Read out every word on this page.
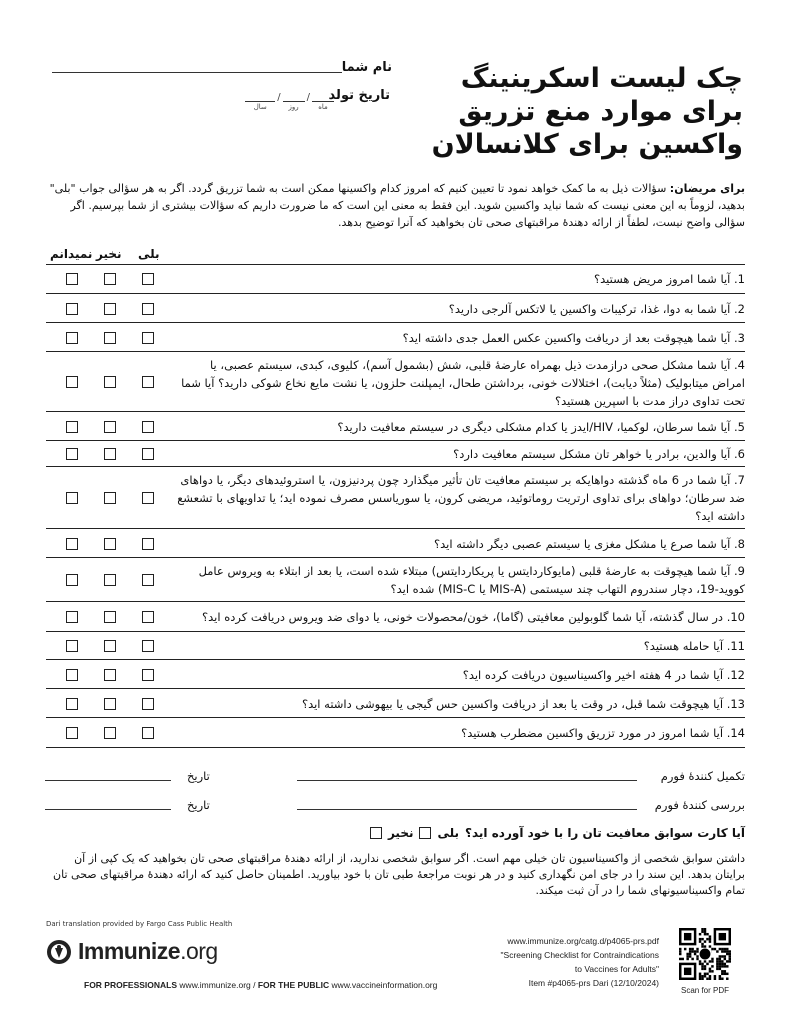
چک لیست اسکرینینگ
برای موارد منع تزریق
واکسین برای کلانسالان
نام شما
تاریخ تولد
ماه
/
روز
/
سال
برای مریضان: سؤالات ذیل به ما کمک خواهد نمود تا تعیین کنیم که امروز کدام واکسینها ممکن است به شما تزریق گردد. اگر به هر سؤالی جواب "بلی" بدهید، لزوماً به این معنی نیست که شما نباید واکسین شوید. این فقط به معنی این است که ما ضرورت داریم که سؤالات بیشتری از شما بپرسیم. اگر سؤالی واضح نیست، لطفاً از ارائه دهندۀ مراقبتهای صحی تان بخواهید که آنرا توضیح بدهد.
بلی
نخیر
نمیدانم
1. آیا شما امروز مریض هستید؟
2. آیا شما به دوا، غذا، ترکیبات واکسین یا لاتکس آلرجی دارید؟
3. آیا شما هیچوقت بعد از دریافت واکسین عکس العمل جدی داشته اید؟
4. آیا شما مشکل صحی درازمدت ذیل بهمراه عارضۀ قلبی، شش (بشمول آسم)، کلیوی، کبدی، سیستم عصبی، یا امراض میتابولیک (مثلاً دیابت)، اختلالات خونی، برداشتن طحال، ایمپلنت حلزون، یا نشت مایع نخاع شوکی دارید؟ آیا شما تحت تداوی دراز مدت با اسپرین هستید؟
5. آیا شما سرطان، لوکمیا، HIV/ایدز یا کدام مشکلی دیگری در سیستم معافیت دارید؟
6. آیا والدین، برادر یا خواهر تان مشکل سیستم معافیت دارد؟
7. آیا شما در 6 ماه گذشته دواهایکه بر سیستم معافیت تان تأثیر میگذارد چون پردنیزون، یا استروئیدهای دیگر، یا دواهای ضد سرطان؛ دواهای برای تداوی ارتریت روماتوئید، مریضی کرون، یا سوریاسس مصرف نموده اید؛ یا تداویهای با تشعشع داشته اید؟
8. آیا شما صرع یا مشکل مغزی یا سیستم عصبی دیگر داشته اید؟
9. آیا شما هیچوقت به عارضۀ قلبی (مایوکاردایتس یا پریکاردایتس) مبتلاء شده است، یا بعد از ابتلاء به ویروس عامل کووید-19، دچار سندروم التهاب چند سیستمی (MIS-A یا MIS-C) شده اید؟
10. در سال گذشته، آیا شما گلوبولین معافیتی (گاما)، خون/محصولات خونی، یا دوای ضد ویروس دریافت کرده اید؟
11. آیا حامله هستید؟
12. آیا شما در 4 هفته اخیر واکسیناسیون دریافت کرده اید؟
13. آیا هیچوقت شما قبل، در وقت یا بعد از دریافت واکسین حس گیجی یا بیهوشی داشته اید؟
14. آیا شما امروز در مورد تزریق واکسین مضطرب هستید؟
تکمیل کنندۀ فورم
تاریخ
بررسی کنندۀ فورم
تاریخ
آیا کارت سوابق معافیت تان را با خود آورده اید؟
بلی
نخیر
داشتن سوابق شخصی از واکسیناسیون تان خیلی مهم است. اگر سوابق شخصی ندارید، از ارائه دهندۀ مراقبتهای صحی تان بخواهید که یک کپی از آن برایتان بدهد. این سند را در جای امن نگهداری کنید و در هر نوبت مراجعۀ طبی تان با خود بیاورید. اطمینان حاصل کنید که ارائه دهندۀ مراقبتهای صحی تان تمام واکسیناسیونهای شما را در آن ثبت میکند.
Dari translation provided by Fargo Cass Public Health
Immunize.org
FOR PROFESSIONALS www.immunize.org / FOR THE PUBLIC www.vaccineinformation.org
www.immunize.org/catg.d/p4065-prs.pdf
"Screening Checklist for Contraindications
to Vaccines for Adults"
Item #p4065-prs Dari (12/10/2024)
Scan for PDF
